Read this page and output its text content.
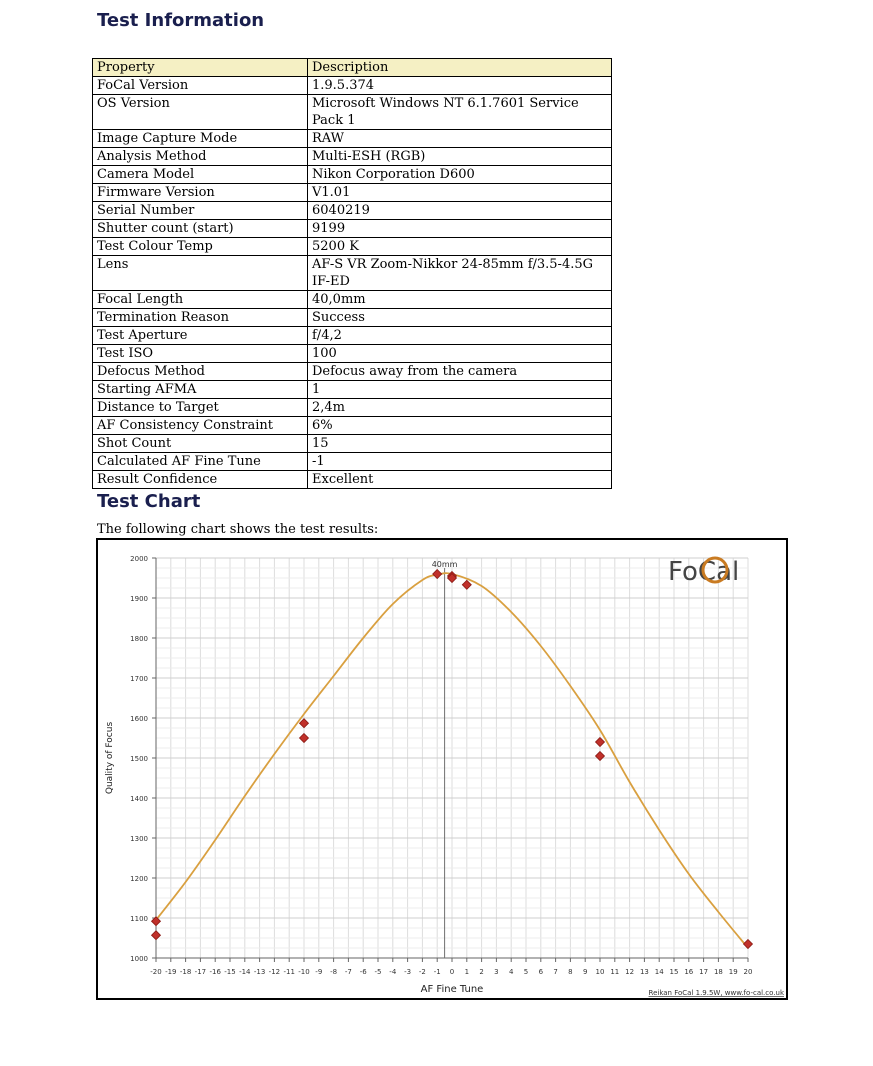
Test Information
Property	Description
FoCal Version	1.9.5.374
OS Version	Microsoft Windows NT 6.1.7601 Service Pack 1
Image Capture Mode	RAW
Analysis Method	Multi-ESH (RGB)
Camera Model	Nikon Corporation D600
Firmware Version	V1.01
Serial Number	6040219
Shutter count (start)	9199
Test Colour Temp	5200 K
Lens	AF-S VR Zoom-Nikkor 24-85mm f/3.5-4.5G IF-ED
Focal Length	40,0mm
Termination Reason	Success
Test Aperture	f/4,2
Test ISO	100
Defocus Method	Defocus away from the camera
Starting AFMA	1
Distance to Target	2,4m
AF Consistency Constraint	6%
Shot Count	15
Calculated AF Fine Tune	-1
Result Confidence	Excellent
Test Chart
The following chart shows the test results:
1000
1100
1200
1300
1400
1500
1600
1700
1800
1900
2000
-20 -19 -18 -17 -16 -15 -14 -13 -12 -11 -10 -9 -8 -7 -6 -5 -4 -3 -2 -1 0 1 2 3 4 5 6 7 8 9 10 11 12 13 14 15 16 17 18 19 20
AF Fine Tune
Quality of Focus
40mm	FoCal
Reikan FoCal 1.9.5W, www.fo-cal.co.uk
